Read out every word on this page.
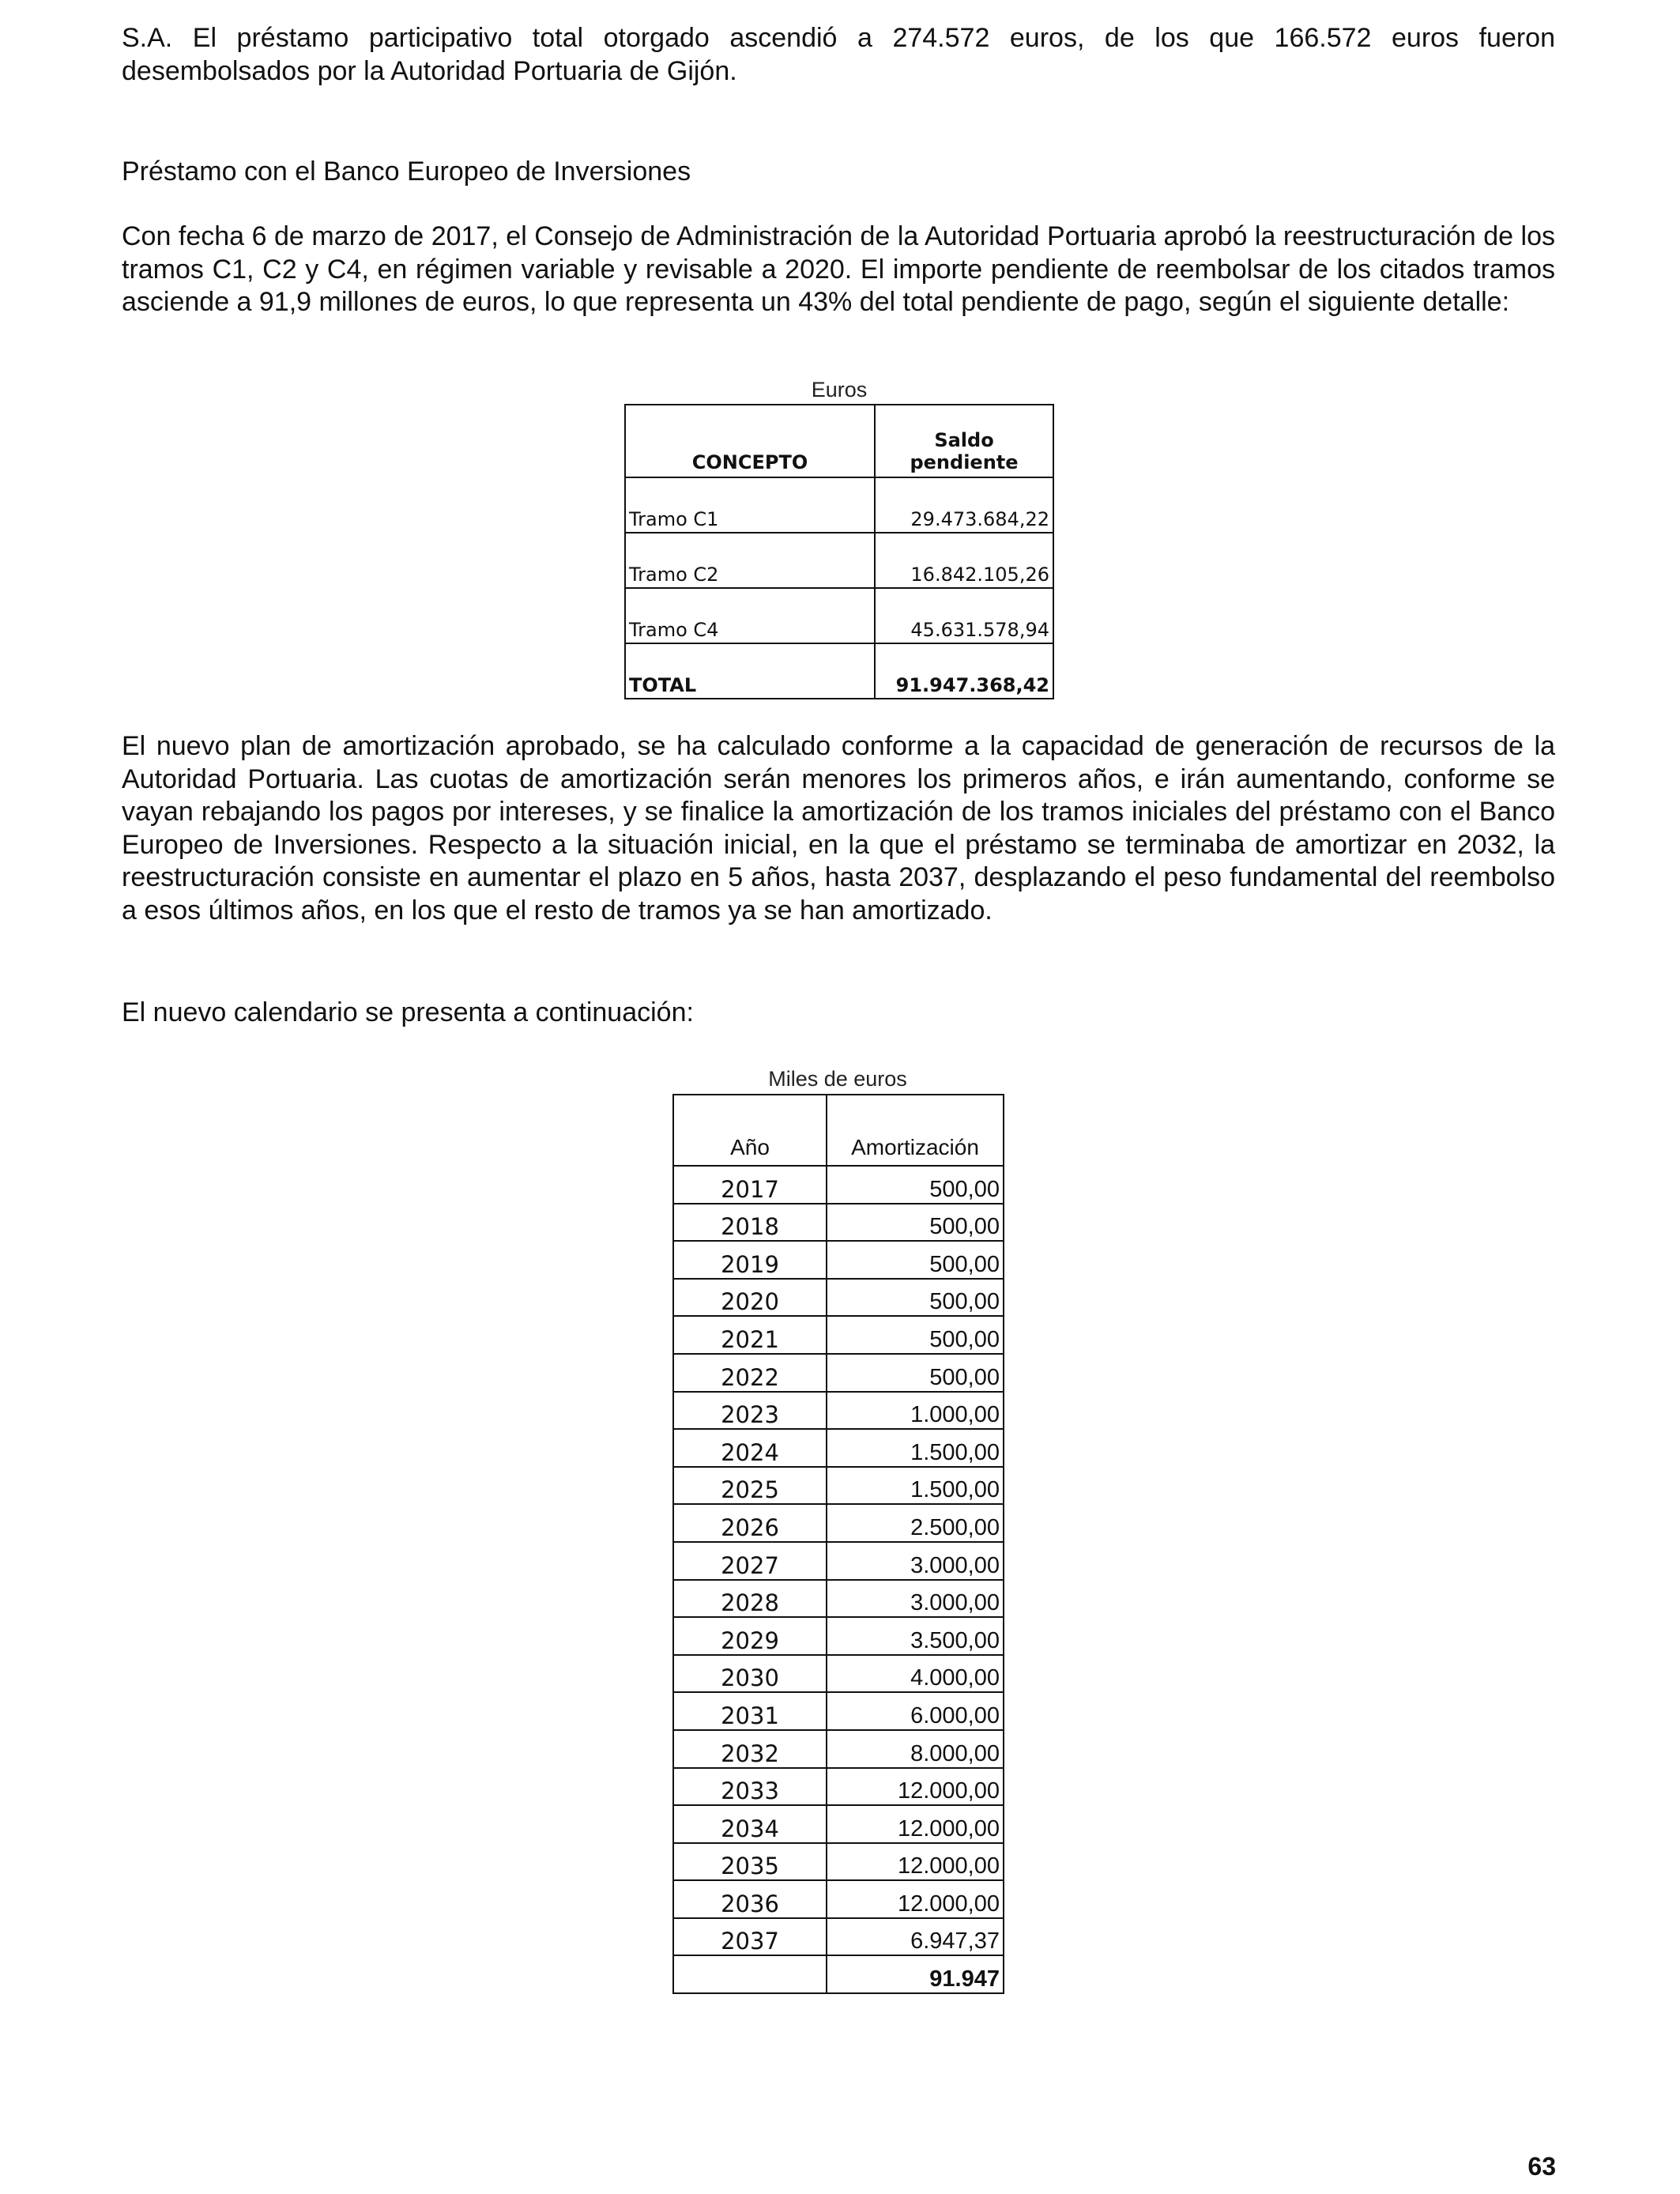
S.A. El préstamo participativo total otorgado ascendió a 274.572 euros, de los que 166.572 euros fueron desembolsados por la Autoridad Portuaria de Gijón.

Préstamo con el Banco Europeo de Inversiones

Con fecha 6 de marzo de 2017, el Consejo de Administración de la Autoridad Portuaria aprobó la reestructuración de los tramos C1, C2 y C4, en régimen variable y revisable a 2020. El importe pendiente de reembolsar de los citados tramos asciende a 91,9 millones de euros, lo que representa un 43% del total pendiente de pago, según el siguiente detalle:

Euros
CONCEPTO	Saldo pendiente
Tramo C1	29.473.684,22
Tramo C2	16.842.105,26
Tramo C4	45.631.578,94
TOTAL	91.947.368,42

El nuevo plan de amortización aprobado, se ha calculado conforme a la capacidad de generación de recursos de la Autoridad Portuaria. Las cuotas de amortización serán menores los primeros años, e irán aumentando, conforme se vayan rebajando los pagos por intereses, y se finalice la amortización de los tramos iniciales del préstamo con el Banco Europeo de Inversiones. Respecto a la situación inicial, en la que el préstamo se terminaba de amortizar en 2032, la reestructuración consiste en aumentar el plazo en 5 años, hasta 2037, desplazando el peso fundamental del reembolso a esos últimos años, en los que el resto de tramos ya se han amortizado.

El nuevo calendario se presenta a continuación:

Miles de euros
Año	Amortización
2017	500,00
2018	500,00
2019	500,00
2020	500,00
2021	500,00
2022	500,00
2023	1.000,00
2024	1.500,00
2025	1.500,00
2026	2.500,00
2027	3.000,00
2028	3.000,00
2029	3.500,00
2030	4.000,00
2031	6.000,00
2032	8.000,00
2033	12.000,00
2034	12.000,00
2035	12.000,00
2036	12.000,00
2037	6.947,37
	91.947
63
